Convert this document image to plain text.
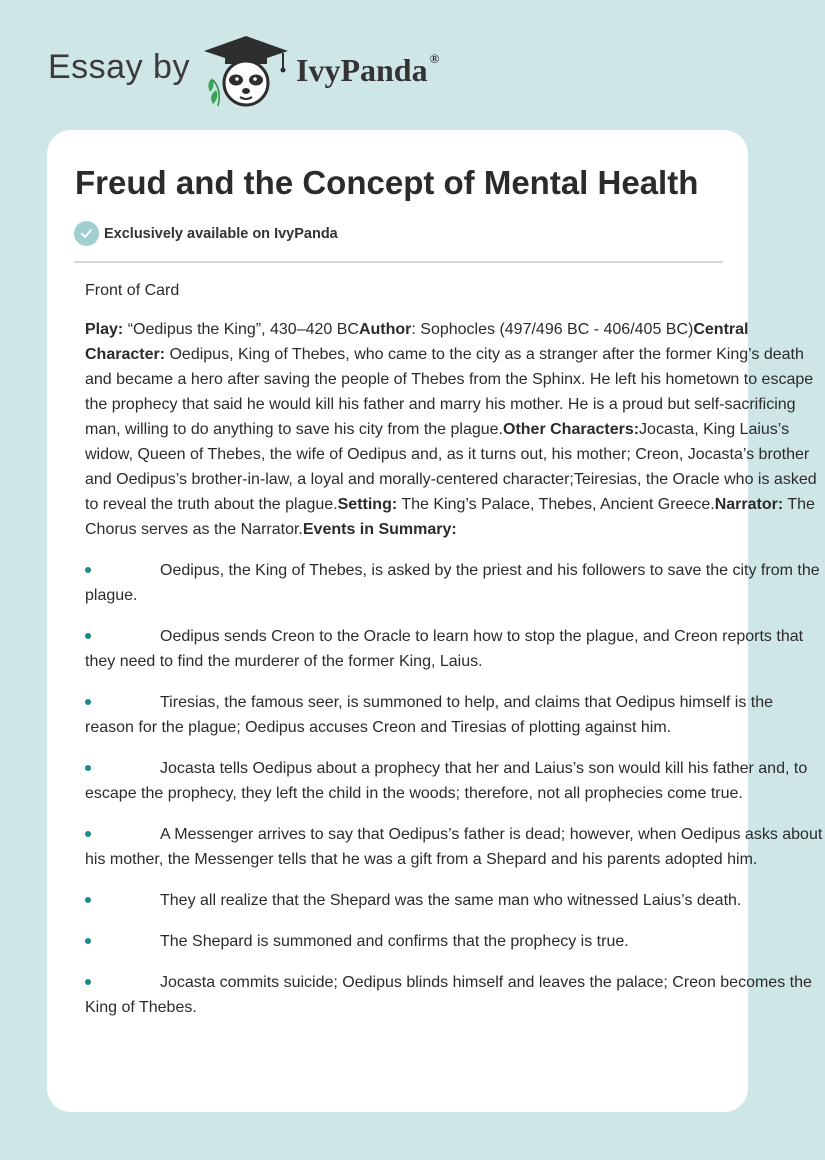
Essay by	IvyPanda ®
Freud and the Concept of Mental Health
Exclusively available on IvyPanda

Front of Card

Play: “Oedipus the King”, 430–420 BCAuthor: Sophocles (497/496 BC - 406/405 BC)Central Character: Oedipus, King of Thebes, who came to the city as a stranger after the former King’s death and became a hero after saving the people of Thebes from the Sphinx. He left his hometown to escape the prophecy that said he would kill his father and marry his mother. He is a proud but self-sacrificing man, willing to do anything to save his city from the plague.Other Characters:Jocasta, King Laius’s widow, Queen of Thebes, the wife of Oedipus and, as it turns out, his mother; Creon, Jocasta’s brother and Oedipus’s brother-in-law, a loyal and morally-centered character;Teiresias, the Oracle who is asked to reveal the truth about the plague.Setting: The King’s Palace, Thebes, Ancient Greece.Narrator: The Chorus serves as the Narrator.Events in Summary:

Oedipus, the King of Thebes, is asked by the priest and his followers to save the city from the plague.
Oedipus sends Creon to the Oracle to learn how to stop the plague, and Creon reports that they need to find the murderer of the former King, Laius.
Tiresias, the famous seer, is summoned to help, and claims that Oedipus himself is the reason for the plague; Oedipus accuses Creon and Tiresias of plotting against him.
Jocasta tells Oedipus about a prophecy that her and Laius’s son would kill his father and, to escape the prophecy, they left the child in the woods; therefore, not all prophecies come true.
A Messenger arrives to say that Oedipus’s father is dead; however, when Oedipus asks about his mother, the Messenger tells that he was a gift from a Shepard and his parents adopted him.
They all realize that the Shepard was the same man who witnessed Laius’s death.
The Shepard is summoned and confirms that the prophecy is true.
Jocasta commits suicide; Oedipus blinds himself and leaves the palace; Creon becomes the King of Thebes.
